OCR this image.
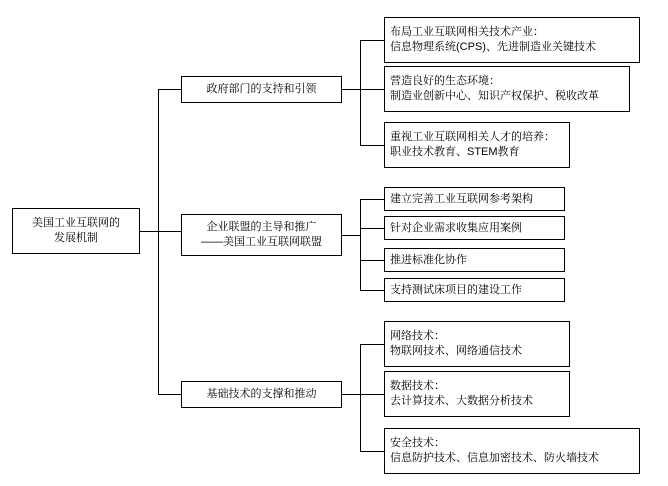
美国工业互联网的
发展机制
政府部门的支持和引领
布局工业互联网相关技术产业：
信息物理系统(CPS)、先进制造业关键技术
营造良好的生态环境：
制造业创新中心、知识产权保护、税收改革
重视工业互联网相关人才的培养：
职业技术教育、STEM教育
企业联盟的主导和推广
——美国工业互联网联盟
建立完善工业互联网参考架构
针对企业需求收集应用案例
推进标准化协作
支持测试床项目的建设工作
基础技术的支撑和推动
网络技术：
物联网技术、网络通信技术
数据技术：
去计算技术、大数据分析技术
安全技术：
信息防护技术、信息加密技术、防火墙技术
